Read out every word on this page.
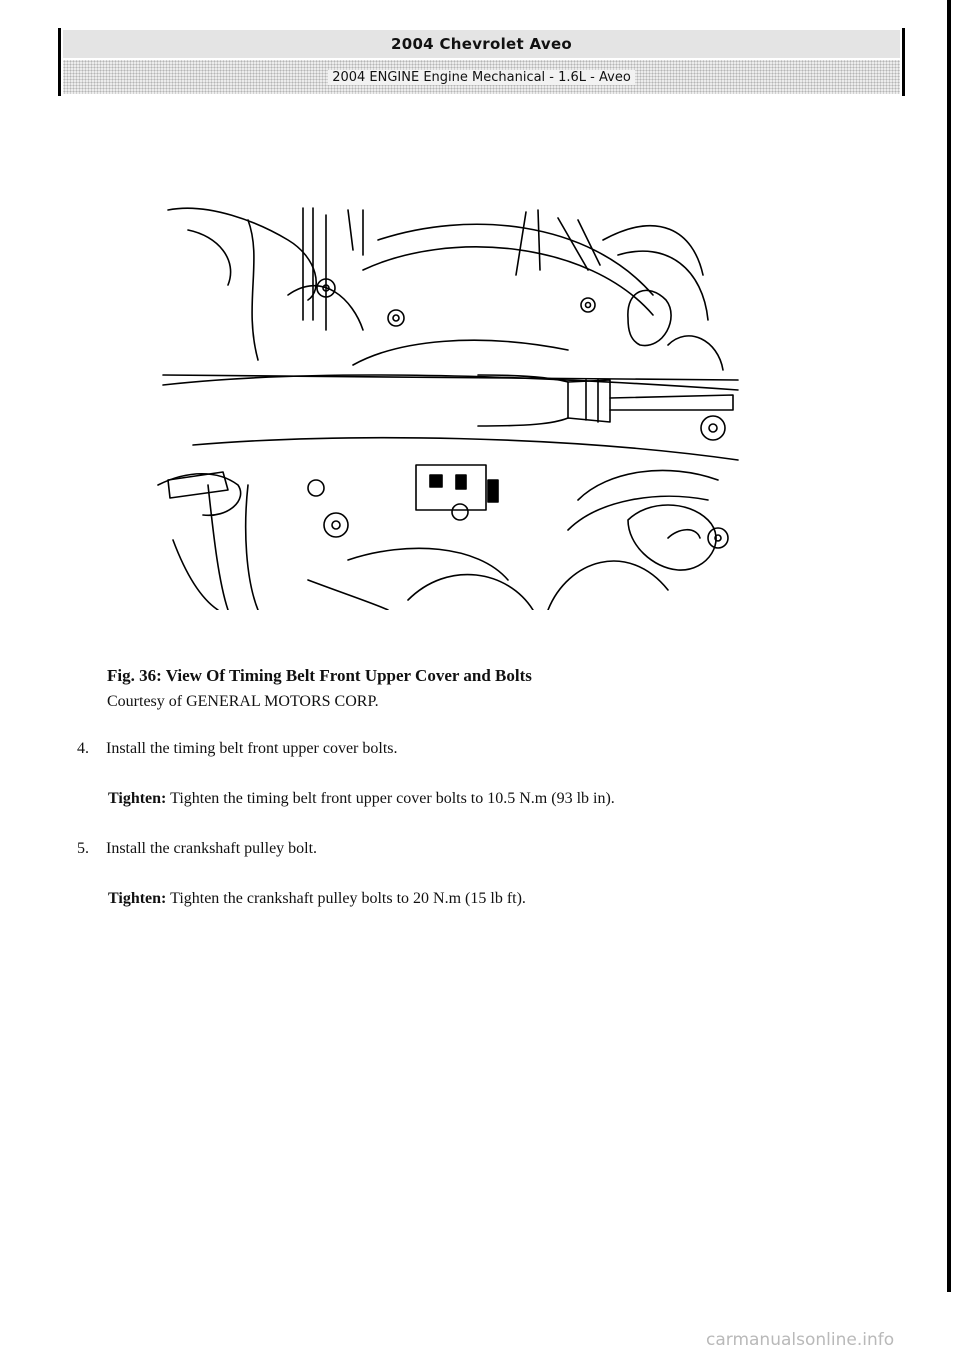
2004 Chevrolet Aveo
2004 ENGINE Engine Mechanical - 1.6L - Aveo
Fig. 36: View Of Timing Belt Front Upper Cover and Bolts
Courtesy of GENERAL MOTORS CORP.
4. Install the timing belt front upper cover bolts.
Tighten: Tighten the timing belt front upper cover bolts to 10.5 N.m (93 lb in).
5. Install the crankshaft pulley bolt.
Tighten: Tighten the crankshaft pulley bolts to 20 N.m (15 lb ft).
carmanualsonline.info
